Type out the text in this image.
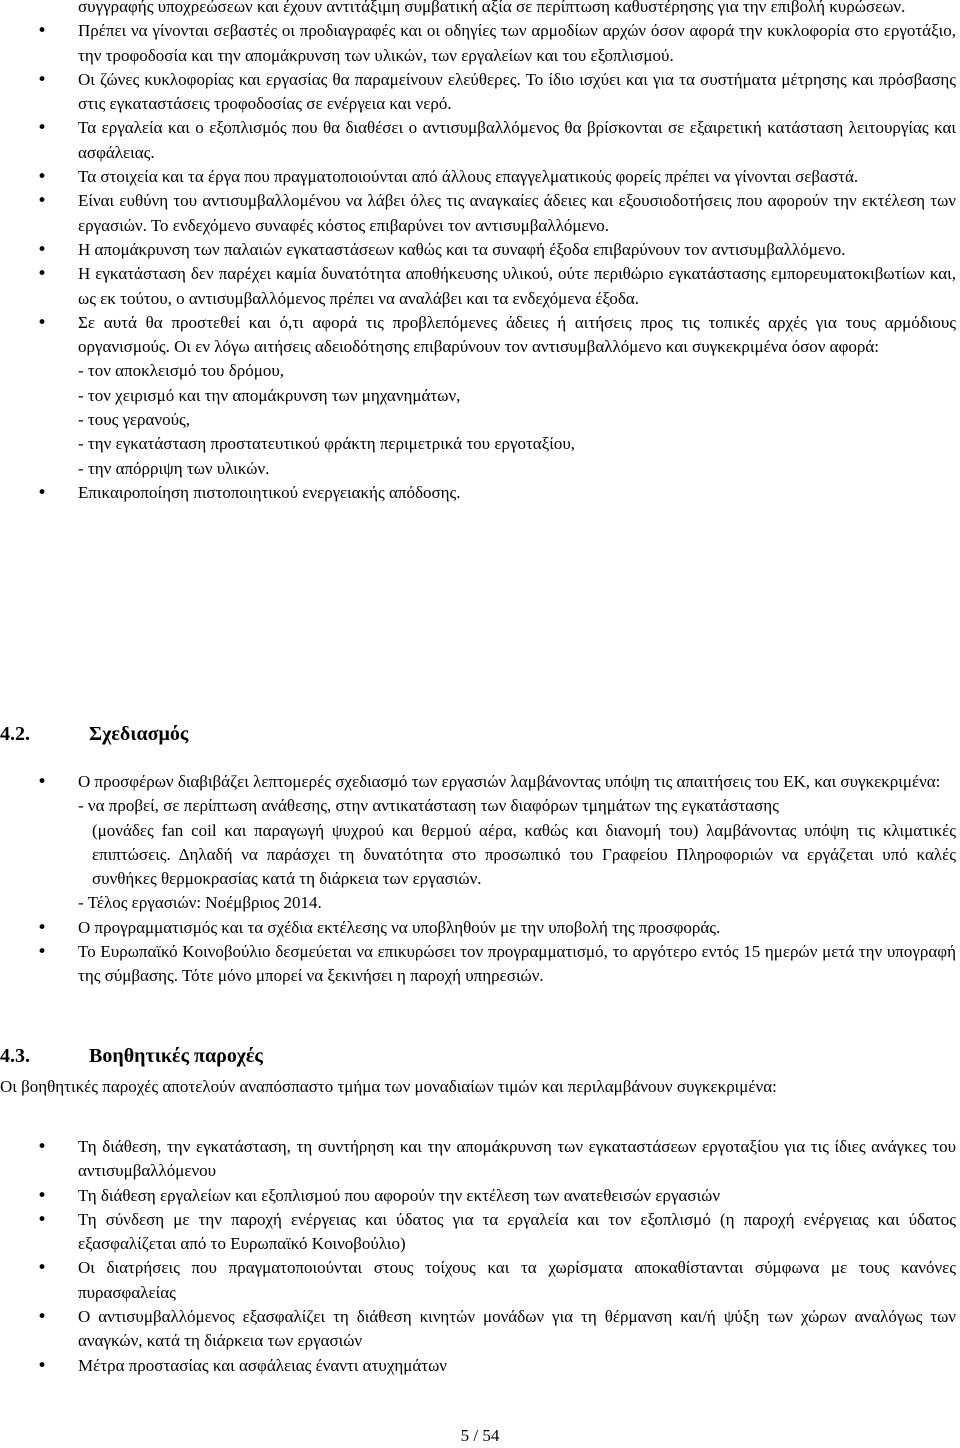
συγγραφής υποχρεώσεων και έχουν αντιτάξιμη συμβατική αξία σε περίπτωση καθυστέρησης για την επιβολή κυρώσεων.
• Πρέπει να γίνονται σεβαστές οι προδιαγραφές και οι οδηγίες των αρμοδίων αρχών όσον αφορά την κυκλοφορία στο εργοτάξιο, την τροφοδοσία και την απομάκρυνση των υλικών, των εργαλείων και του εξοπλισμού.
• Οι ζώνες κυκλοφορίας και εργασίας θα παραμείνουν ελεύθερες. Το ίδιο ισχύει και για τα συστήματα μέτρησης και πρόσβασης στις εγκαταστάσεις τροφοδοσίας σε ενέργεια και νερό.
• Τα εργαλεία και ο εξοπλισμός που θα διαθέσει ο αντισυμβαλλόμενος θα βρίσκονται σε εξαιρετική κατάσταση λειτουργίας και ασφάλειας.
• Τα στοιχεία και τα έργα που πραγματοποιούνται από άλλους επαγγελματικούς φορείς πρέπει να γίνονται σεβαστά.
• Είναι ευθύνη του αντισυμβαλλομένου να λάβει όλες τις αναγκαίες άδειες και εξουσιοδοτήσεις που αφορούν την εκτέλεση των εργασιών. Το ενδεχόμενο συναφές κόστος επιβαρύνει τον αντισυμβαλλόμενο.
• Η απομάκρυνση των παλαιών εγκαταστάσεων καθώς και τα συναφή έξοδα επιβαρύνουν τον αντισυμβαλλόμενο.
• Η εγκατάσταση δεν παρέχει καμία δυνατότητα αποθήκευσης υλικού, ούτε περιθώριο εγκατάστασης εμπορευματοκιβωτίων και, ως εκ τούτου, ο αντισυμβαλλόμενος πρέπει να αναλάβει και τα ενδεχόμενα έξοδα.
• Σε αυτά θα προστεθεί και ό,τι αφορά τις προβλεπόμενες άδειες ή αιτήσεις προς τις τοπικές αρχές για τους αρμόδιους οργανισμούς. Οι εν λόγω αιτήσεις αδειοδότησης επιβαρύνουν τον αντισυμβαλλόμενο και συγκεκριμένα όσον αφορά:
- τον αποκλεισμό του δρόμου,
- τον χειρισμό και την απομάκρυνση των μηχανημάτων,
- τους γερανούς,
- την εγκατάσταση προστατευτικού φράκτη περιμετρικά του εργοταξίου,
- την απόρριψη των υλικών.
• Επικαιροποίηση πιστοποιητικού ενεργειακής απόδοσης.
4.2.	Σχεδιασμός
• Ο προσφέρων διαβιβάζει λεπτομερές σχεδιασμό των εργασιών λαμβάνοντας υπόψη τις απαιτήσεις του ΕΚ, και συγκεκριμένα:
- να προβεί, σε περίπτωση ανάθεσης, στην αντικατάσταση των διαφόρων τμημάτων της εγκατάστασης
(μονάδες fan coil και παραγωγή ψυχρού και θερμού αέρα, καθώς και διανομή του) λαμβάνοντας υπόψη τις κλιματικές επιπτώσεις. Δηλαδή να παράσχει τη δυνατότητα στο προσωπικό του Γραφείου Πληροφοριών να εργάζεται υπό καλές συνθήκες θερμοκρασίας κατά τη διάρκεια των εργασιών.
- Τέλος εργασιών: Νοέμβριος 2014.
• Ο προγραμματισμός και τα σχέδια εκτέλεσης να υποβληθούν με την υποβολή της προσφοράς.
• Το Ευρωπαϊκό Κοινοβούλιο δεσμεύεται να επικυρώσει τον προγραμματισμό, το αργότερο εντός 15 ημερών μετά την υπογραφή της σύμβασης. Τότε μόνο μπορεί να ξεκινήσει η παροχή υπηρεσιών.
4.3.	Βοηθητικές παροχές
Οι βοηθητικές παροχές αποτελούν αναπόσπαστο τμήμα των μοναδιαίων τιμών και περιλαμβάνουν συγκεκριμένα:
• Τη διάθεση, την εγκατάσταση, τη συντήρηση και την απομάκρυνση των εγκαταστάσεων εργοταξίου για τις ίδιες ανάγκες του αντισυμβαλλόμενου
• Τη διάθεση εργαλείων και εξοπλισμού που αφορούν την εκτέλεση των ανατεθεισών εργασιών
• Τη σύνδεση με την παροχή ενέργειας και ύδατος για τα εργαλεία και τον εξοπλισμό (η παροχή ενέργειας και ύδατος εξασφαλίζεται από το Ευρωπαϊκό Κοινοβούλιο)
• Οι διατρήσεις που πραγματοποιούνται στους τοίχους και τα χωρίσματα αποκαθίστανται σύμφωνα με τους κανόνες πυρασφαλείας
• Ο αντισυμβαλλόμενος εξασφαλίζει τη διάθεση κινητών μονάδων για τη θέρμανση και/ή ψύξη των χώρων αναλόγως των αναγκών, κατά τη διάρκεια των εργασιών
• Μέτρα προστασίας και ασφάλειας έναντι ατυχημάτων
5 / 54
